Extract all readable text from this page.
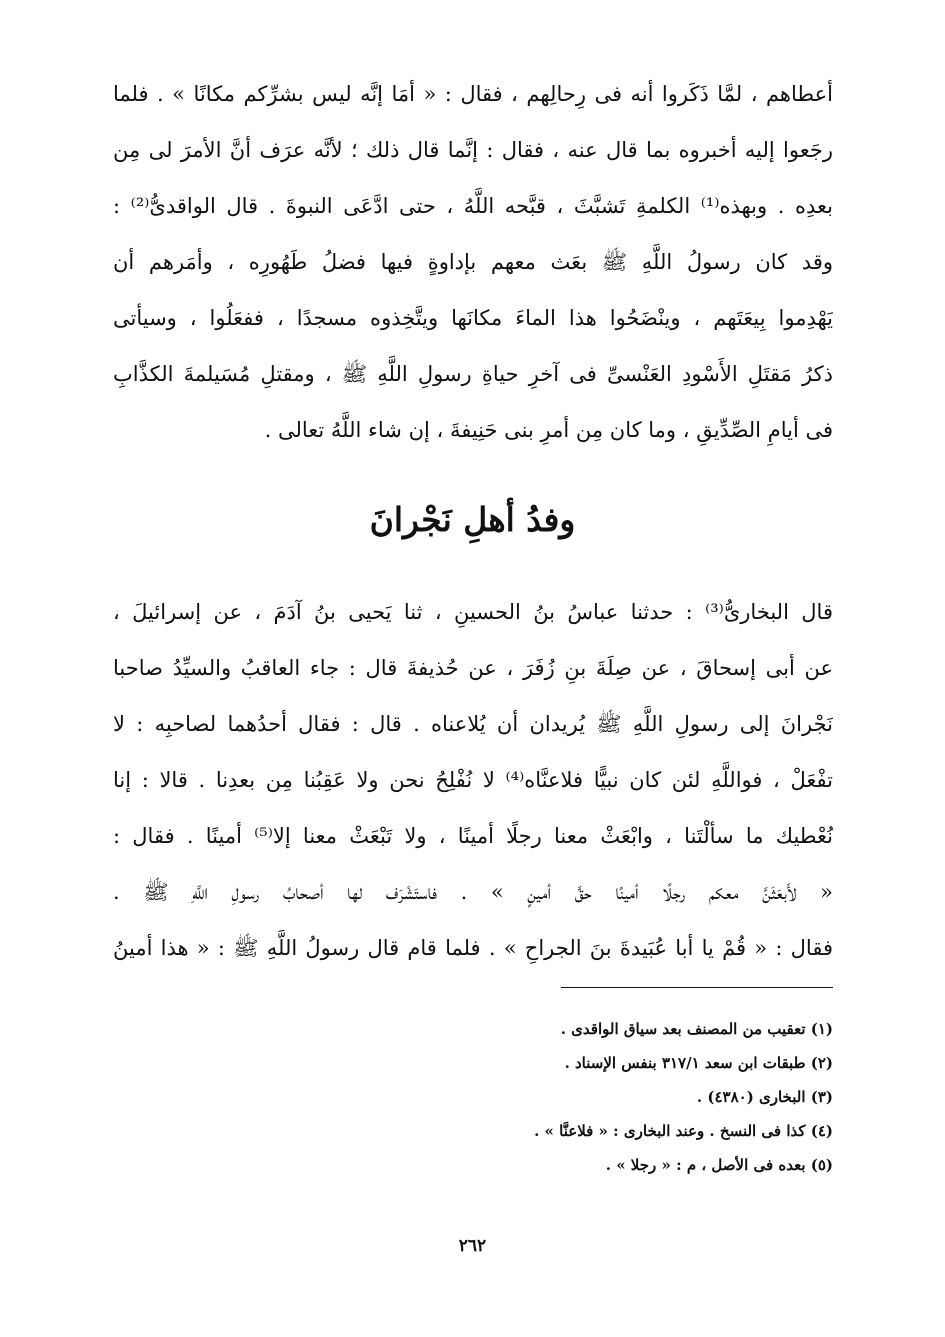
أعطاهم ، لمَّا ذَكَروا أنه فى رِحالِهم ، فقال : « أمَا إنَّه ليس بشرِّكم مكانًا » . فلما
رجَعوا إليه أخبروه بما قال عنه ، فقال : إنَّما قال ذلك ؛ لأنَّه عرَف أنَّ الأمرَ لى مِن
بعدِه . وبهذه⁽¹⁾ الكلمةِ تَشبَّثَ ، قبَّحه اللَّهُ ، حتى ادَّعَى النبوةَ . قال الواقدىُّ⁽²⁾ :
وقد كان رسولُ اللَّهِ ﷺ بعَث معهم بإداوةٍ فيها فضلُ طَهُورِه ، وأمَرهم أن
يَهْدِموا بِيعَتَهم ، وينْضَحُوا هذا الماءَ مكانَها ويتَّخِذوه مسجدًا ، ففعَلُوا ، وسيأتى
ذكرُ مَقتَلِ الأَسْودِ العَنْسىِّ فى آخرِ حياةِ رسولِ اللَّهِ ﷺ ، ومقتلِ مُسَيلمةَ الكذَّابِ
فى أيامِ الصِّدِّيقِ ، وما كان مِن أمرِ بنى حَنِيفةَ ، إن شاء اللَّهُ تعالى .
وفدُ أهلِ نَجْرانَ
قال البخارىُّ⁽³⁾ : حدثنا عباسُ بنُ الحسينِ ، ثنا يَحيى بنُ آدَمَ ، عن إسرائيلَ ،
عن أبى إسحاقَ ، عن صِلَةَ بنِ زُفَرَ ، عن حُذيفةَ قال : جاء العاقبُ والسيِّدُ صاحبا
نَجْرانَ إلى رسولِ اللَّهِ ﷺ يُريدان أن يُلاعناه . قال : فقال أحدُهما لصاحبِه : لا
تفْعَلْ ، فواللَّهِ لئن كان نبيًّا فلاعنَّاه⁽⁴⁾ لا نُفْلِحُ نحن ولا عَقِبُنا مِن بعدِنا . قالا : إنا
نُعْطيك ما سألْتَنا ، وابْعَثْ معنا رجلًا أمينًا ، ولا تَبْعَثْ معنا إلا⁽⁵⁾ أمينًا . فقال :
« لأَبعَثَنَّ معكم رجلًا أمينًا حقَّ أمينٍ » . فاستَشْرَف لها أصحابُ رسولِ اللَّهِ ﷺ .
فقال : « قُمْ يا أبا عُبَيدةَ بنَ الجراحِ » . فلما قام قال رسولُ اللَّهِ ﷺ : « هذا أمينُ
(١) تعقيب من المصنف بعد سياق الواقدى .
(٢) طبقات ابن سعد ٣١٧/١ بنفس الإسناد .
(٣) البخارى (٤٣٨٠) .
(٤) كذا فى النسخ . وعند البخارى : « فلاعنَّا » .
(٥) بعده فى الأصل ، م : « رجلا » .
٢٦٢
